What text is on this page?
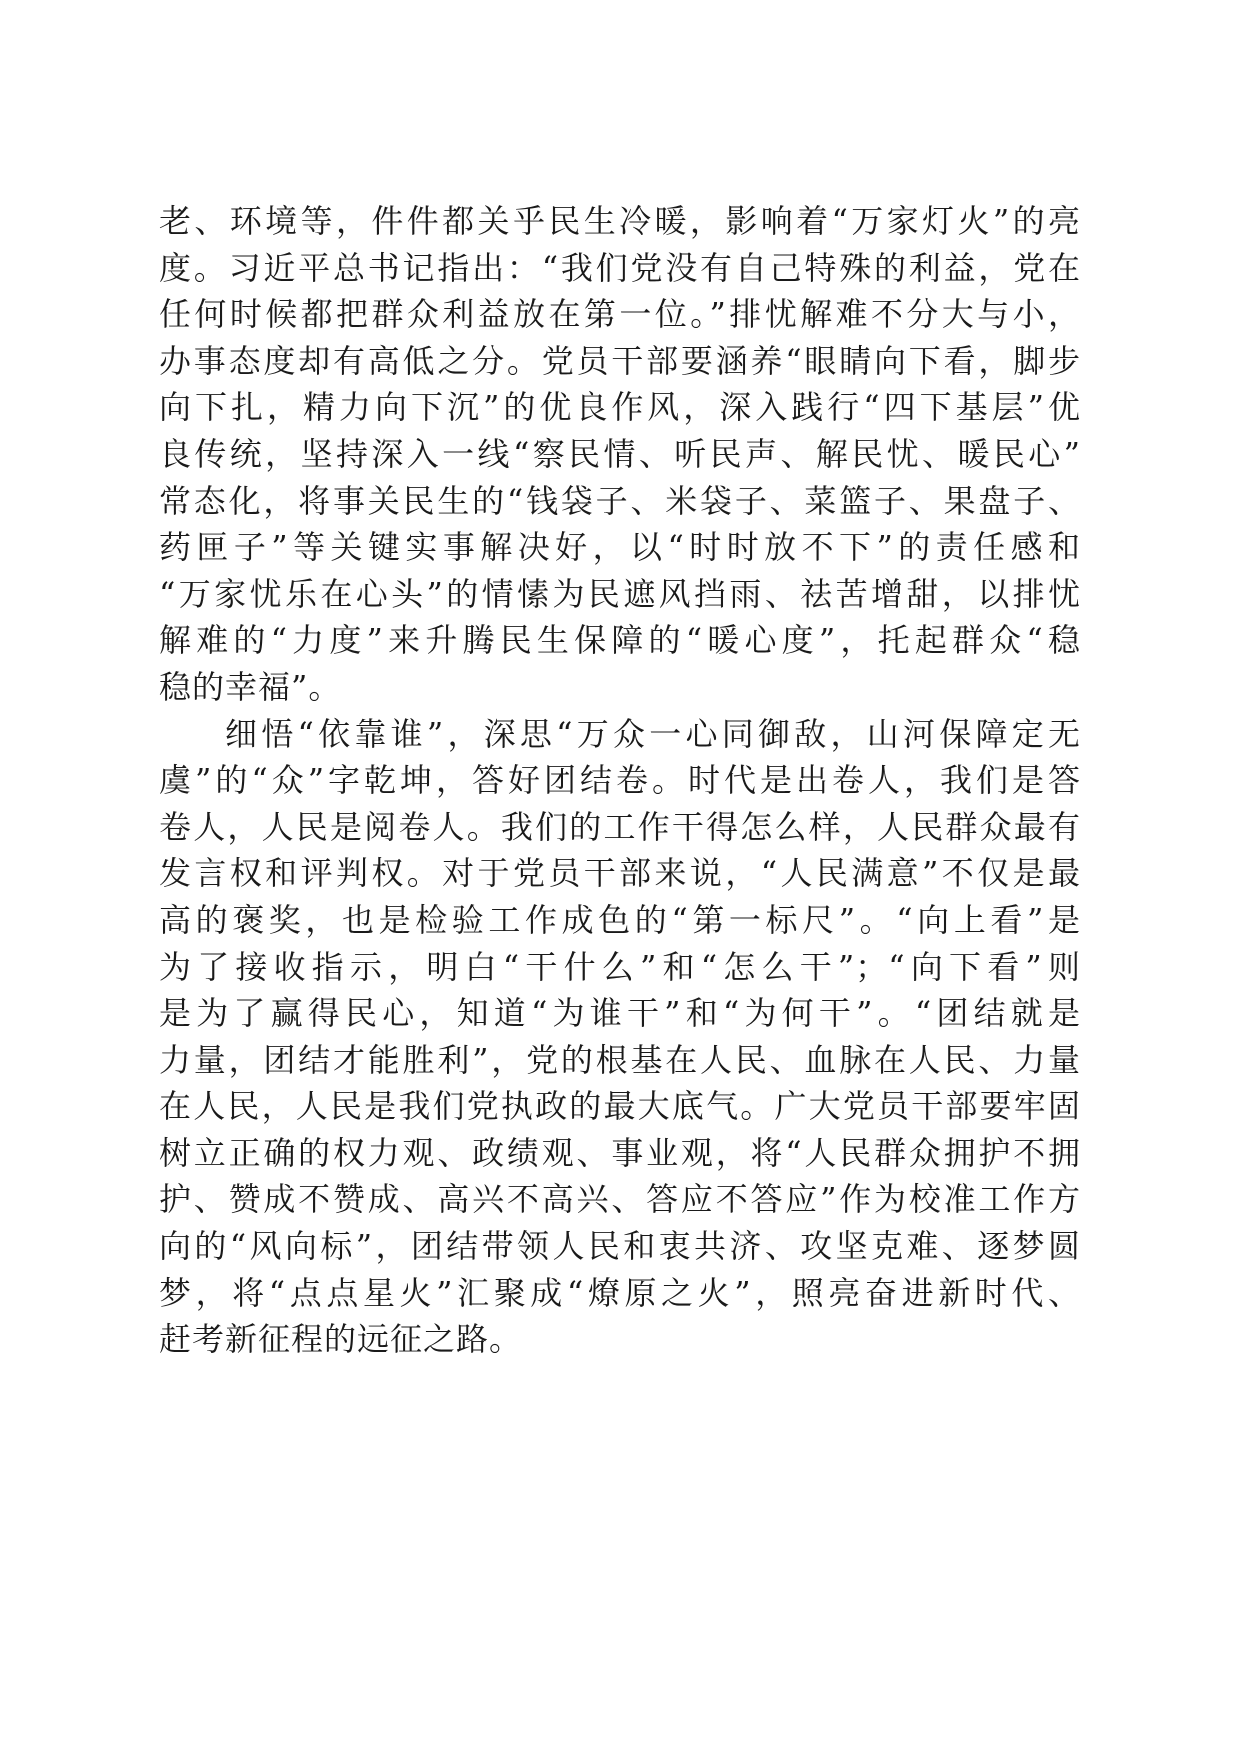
老、环境等，件件都关乎民生冷暖，影响着“万家灯火”的亮
度。习近平总书记指出：“我们党没有自己特殊的利益，党在
任何时候都把群众利益放在第一位。”排忧解难不分大与小，
办事态度却有高低之分。党员干部要涵养“眼睛向下看，脚步
向下扎，精力向下沉”的优良作风，深入践行“四下基层”优
良传统，坚持深入一线“察民情、听民声、解民忧、暖民心”
常态化，将事关民生的“钱袋子、米袋子、菜篮子、果盘子、
药匣子”等关键实事解决好，以“时时放不下”的责任感和
“万家忧乐在心头”的情愫为民遮风挡雨、祛苦增甜，以排忧
解难的“力度”来升腾民生保障的“暖心度”，托起群众“稳
稳的幸福”。
细悟“依靠谁”，深思“万众一心同御敌，山河保障定无
虞”的“众”字乾坤，答好团结卷。时代是出卷人，我们是答
卷人，人民是阅卷人。我们的工作干得怎么样，人民群众最有
发言权和评判权。对于党员干部来说，“人民满意”不仅是最
高的褒奖，也是检验工作成色的“第一标尺”。“向上看”是
为了接收指示，明白“干什么”和“怎么干”；“向下看”则
是为了赢得民心，知道“为谁干”和“为何干”。“团结就是
力量，团结才能胜利”，党的根基在人民、血脉在人民、力量
在人民，人民是我们党执政的最大底气。广大党员干部要牢固
树立正确的权力观、政绩观、事业观，将“人民群众拥护不拥
护、赞成不赞成、高兴不高兴、答应不答应”作为校准工作方
向的“风向标”，团结带领人民和衷共济、攻坚克难、逐梦圆
梦，将“点点星火”汇聚成“燎原之火”，照亮奋进新时代、
赶考新征程的远征之路。
